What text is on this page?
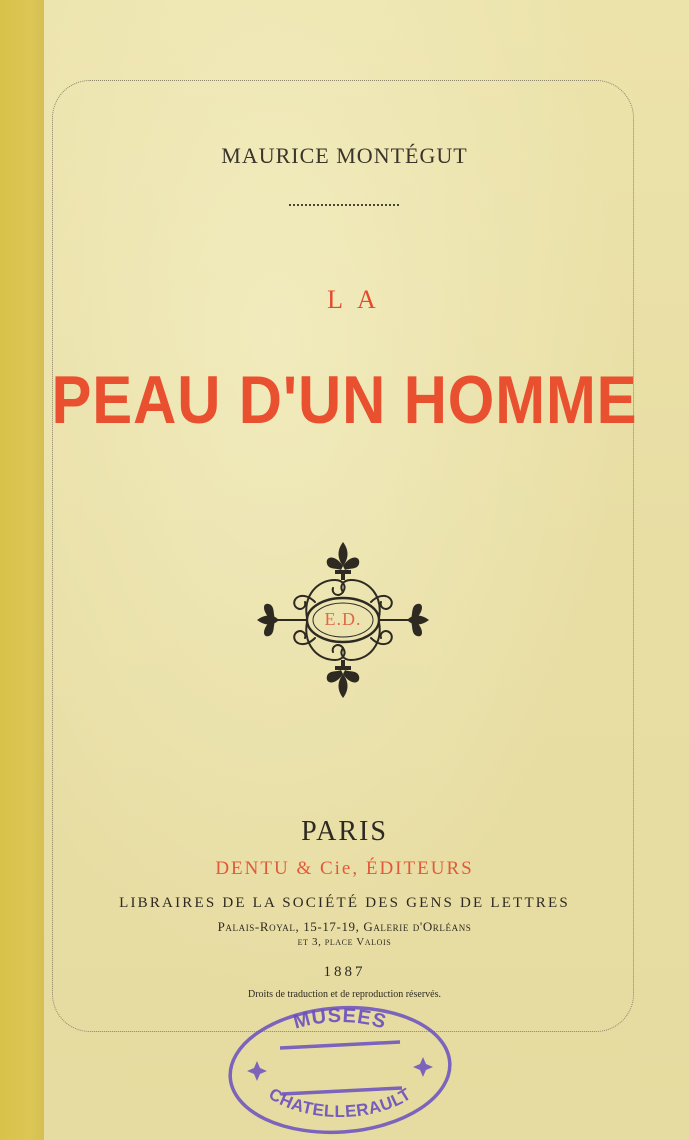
MAURICE MONTÉGUT
LA
PEAU D'UN HOMME
E.D.
PARIS
DENTU & Cie, ÉDITEURS
LIBRAIRES DE LA SOCIÉTÉ DES GENS DE LETTRES
Palais-Royal, 15-17-19, Galerie d'Orléans
et 3, place Valois
1887
Droits de traduction et de reproduction réservés.
MUSEES
CHATELLERAULT
